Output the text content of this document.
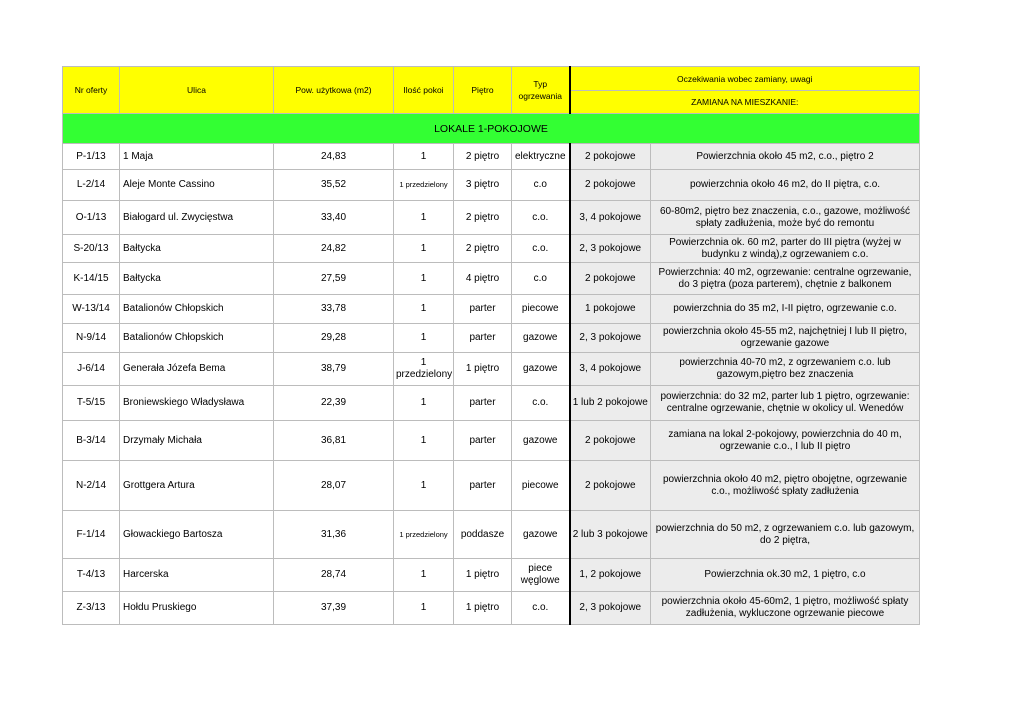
Nr oferty	Ulica	Pow. użytkowa (m2)	Ilość pokoi	Piętro	Typ ogrzewania	Oczekiwania wobec zamiany, uwagi	
						ZAMIANA NA MIESZKANIE:	
LOKALE 1-POKOJOWE							
P-1/13	1 Maja	24,83	1	2 piętro	elektryczne	2 pokojowe	Powierzchnia około 45 m2, c.o., piętro 2
L-2/14	Aleje Monte Cassino	35,52	1 przedzielony	3 piętro	c.o	2 pokojowe	powierzchnia około 46 m2, do II piętra, c.o.
O-1/13	Białogard ul. Zwycięstwa	33,40	1	2 piętro	c.o.	3, 4 pokojowe	60-80m2, piętro bez znaczenia, c.o., gazowe, możliwość spłaty zadłużenia, może być do remontu
S-20/13	Bałtycka	24,82	1	2 piętro	c.o.	2, 3 pokojowe	Powierzchnia ok. 60 m2, parter do III piętra (wyżej w budynku z windą),z ogrzewaniem c.o.
K-14/15	Bałtycka	27,59	1	4 piętro	c.o	2 pokojowe	Powierzchnia: 40 m2, ogrzewanie: centralne ogrzewanie, do 3 piętra (poza parterem), chętnie z balkonem
W-13/14	Batalionów Chłopskich	33,78	1	parter	piecowe	1 pokojowe	powierzchnia do 35 m2, I-II piętro, ogrzewanie c.o.
N-9/14	Batalionów Chłopskich	29,28	1	parter	gazowe	2, 3 pokojowe	powierzchnia około 45-55 m2, najchętniej I lub II piętro, ogrzewanie gazowe
J-6/14	Generała Józefa Bema	38,79	1 przedzielony	1 piętro	gazowe	3, 4 pokojowe	powierzchnia 40-70 m2, z ogrzewaniem c.o. lub gazowym,piętro bez znaczenia
T-5/15	Broniewskiego Władysława	22,39	1	parter	c.o.	1 lub 2 pokojowe	powierzchnia: do 32 m2, parter lub 1 piętro, ogrzewanie: centralne ogrzewanie, chętnie w okolicy ul. Wenedów
B-3/14	Drzymały Michała	36,81	1	parter	gazowe	2 pokojowe	zamiana na lokal 2-pokojowy, powierzchnia do 40 m, ogrzewanie c.o., I lub II piętro
N-2/14	Grottgera Artura	28,07	1	parter	piecowe	2 pokojowe	powierzchnia około 40 m2, piętro obojętne, ogrzewanie c.o., możliwość spłaty zadłużenia
F-1/14	Głowackiego Bartosza	31,36	1 przedzielony	poddasze	gazowe	2 lub 3 pokojowe	powierzchnia do 50 m2, z ogrzewaniem c.o. lub gazowym, do 2 piętra,
T-4/13	Harcerska	28,74	1	1 piętro	piece węglowe	1, 2 pokojowe	Powierzchnia ok.30 m2, 1 piętro, c.o
Z-3/13	Hołdu Pruskiego	37,39	1	1 piętro	c.o.	2, 3 pokojowe	powierzchnia około 45-60m2, 1 piętro, możliwość spłaty zadłużenia, wykluczone ogrzewanie piecowe
